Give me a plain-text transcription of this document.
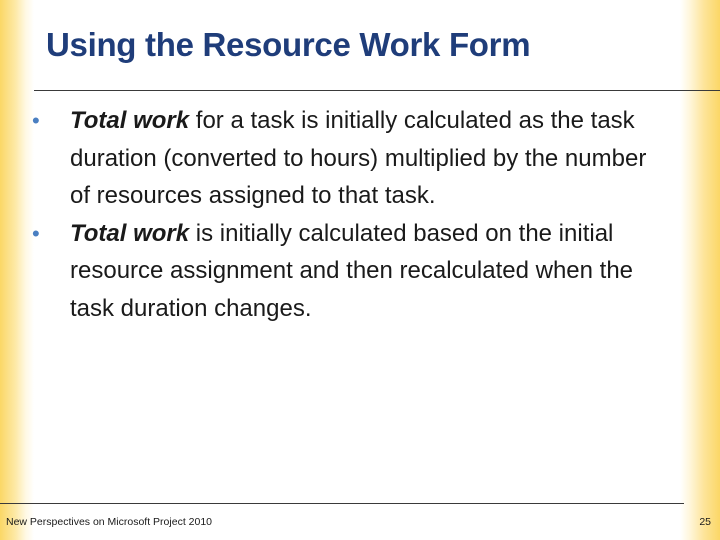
Using the Resource Work Form
• Total work for a task is initially calculated as the task duration (converted to hours) multiplied by the number of resources assigned to that task.
• Total work is initially calculated based on the initial resource assignment and then recalculated when the task duration changes.
New Perspectives on Microsoft Project 2010	25
